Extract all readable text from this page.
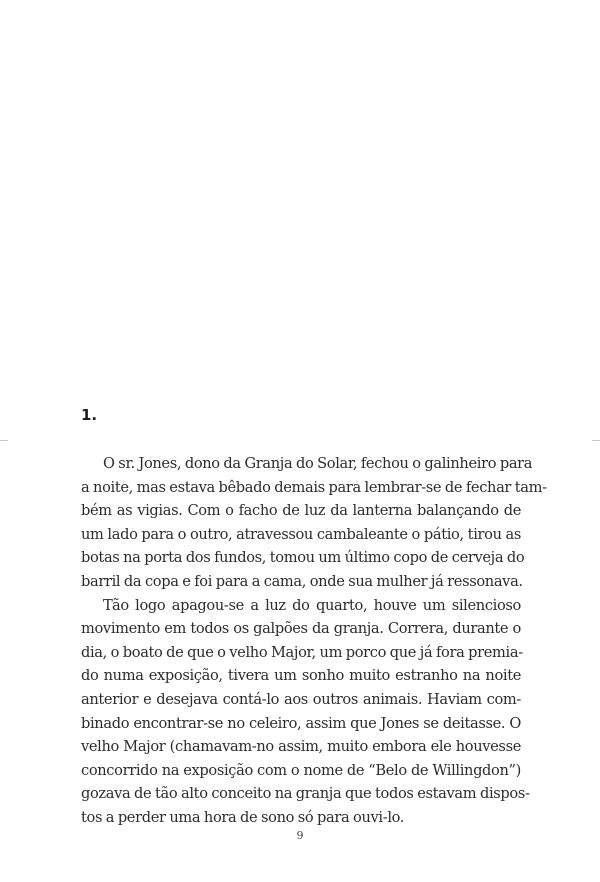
1.
O sr. Jones, dono da Granja do Solar, fechou o galinheiro para
a noite, mas estava bêbado demais para lembrar-se de fechar tam-
bém as vigias. Com o facho de luz da lanterna balançando de
um lado para o outro, atravessou cambaleante o pátio, tirou as
botas na porta dos fundos, tomou um último copo de cerveja do
barril da copa e foi para a cama, onde sua mulher já ressonava.
Tão logo apagou-se a luz do quarto, houve um silencioso
movimento em todos os galpões da granja. Correra, durante o
dia, o boato de que o velho Major, um porco que já fora premia-
do numa exposição, tivera um sonho muito estranho na noite
anterior e desejava contá-lo aos outros animais. Haviam com-
binado encontrar-se no celeiro, assim que Jones se deitasse. O
velho Major (chamavam-no assim, muito embora ele houvesse
concorrido na exposição com o nome de “Belo de Willingdon”)
gozava de tão alto conceito na granja que todos estavam dispos-
tos a perder uma hora de sono só para ouvi-lo.
9
